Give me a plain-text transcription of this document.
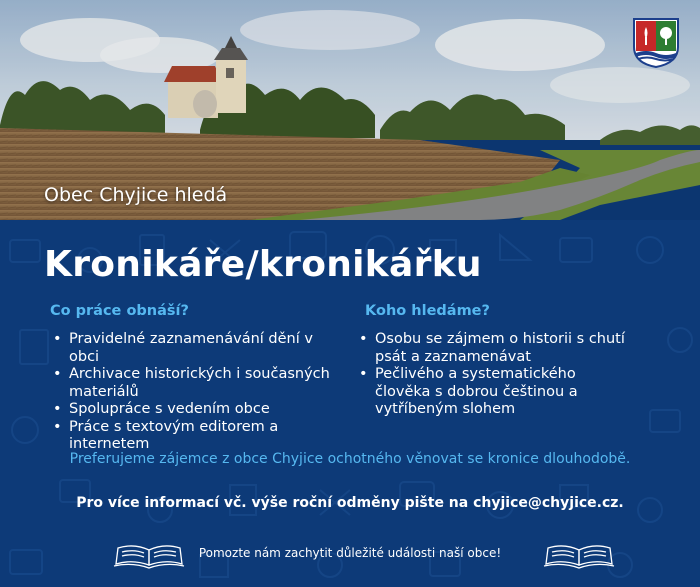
Obec Chyjice hledá
Kronikáře/kronikářku
Co práce obnáší?
• Pravidelné zaznamenávání dění v obci
• Archivace historických i současných materiálů
• Spolupráce s vedením obce
• Práce s textovým editorem a internetem
Koho hledáme?
• Osobu se zájmem o historii s chutí psát a zaznamenávat
• Pečlivého a systematického člověka s dobrou češtinou a vytříbeným slohem
Preferujeme zájemce z obce Chyjice ochotného věnovat se kronice dlouhodobě.
Pro více informací vč. výše roční odměny pište na chyjice@chyjice.cz.
Pomozte nám zachytit důležité události naší obce!
